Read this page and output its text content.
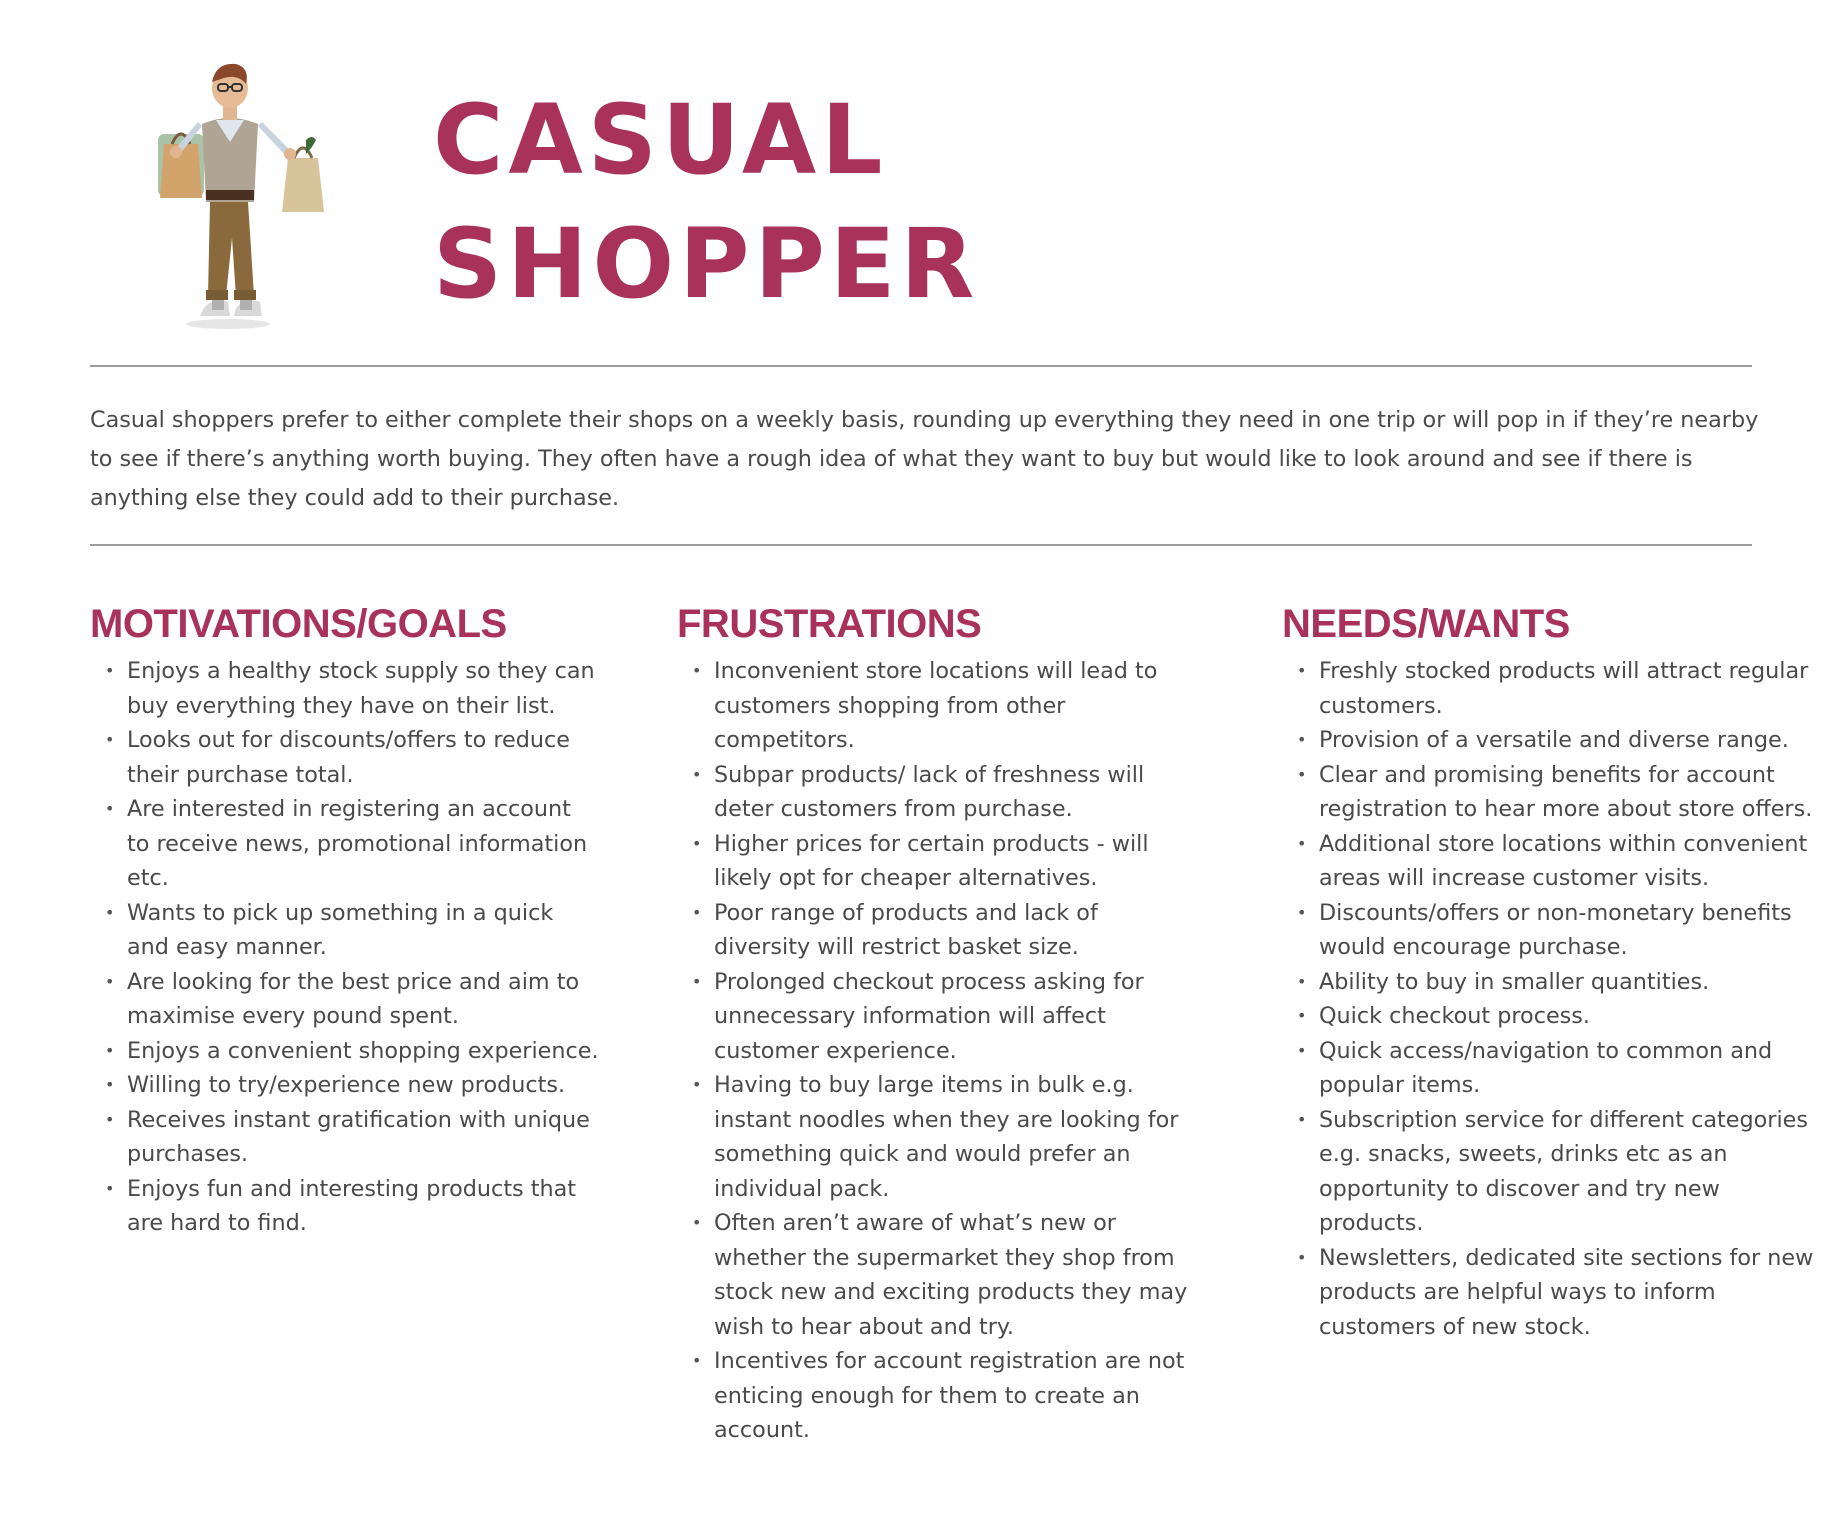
CASUAL
SHOPPER

Casual shoppers prefer to either complete their shops on a weekly basis, rounding up everything they need in one trip or will pop in if they’re nearby to see if there’s anything worth buying. They often have a rough idea of what they want to buy but would like to look around and see if there is anything else they could add to their purchase.

MOTIVATIONS/GOALS
• Enjoys a healthy stock supply so they can buy everything they have on their list.
• Looks out for discounts/offers to reduce their purchase total.
• Are interested in registering an account to receive news, promotional information etc.
• Wants to pick up something in a quick and easy manner.
• Are looking for the best price and aim to maximise every pound spent.
• Enjoys a convenient shopping experience.
• Willing to try/experience new products.
• Receives instant gratification with unique purchases.
• Enjoys fun and interesting products that are hard to find.
FRUSTRATIONS
• Inconvenient store locations will lead to customers shopping from other competitors.
• Subpar products/ lack of freshness will deter customers from purchase.
• Higher prices for certain products - will likely opt for cheaper alternatives.
• Poor range of products and lack of diversity will restrict basket size.
• Prolonged checkout process asking for unnecessary information will affect customer experience.
• Having to buy large items in bulk e.g. instant noodles when they are looking for something quick and would prefer an individual pack.
• Often aren’t aware of what’s new or whether the supermarket they shop from stock new and exciting products they may wish to hear about and try.
• Incentives for account registration are not enticing enough for them to create an account.
NEEDS/WANTS
• Freshly stocked products will attract regular customers.
• Provision of a versatile and diverse range.
• Clear and promising benefits for account registration to hear more about store offers.
• Additional store locations within convenient areas will increase customer visits.
• Discounts/offers or non-monetary benefits would encourage purchase.
• Ability to buy in smaller quantities.
• Quick checkout process.
• Quick access/navigation to common and popular items.
• Subscription service for different categories e.g. snacks, sweets, drinks etc as an opportunity to discover and try new products.
• Newsletters, dedicated site sections for new products are helpful ways to inform customers of new stock.
